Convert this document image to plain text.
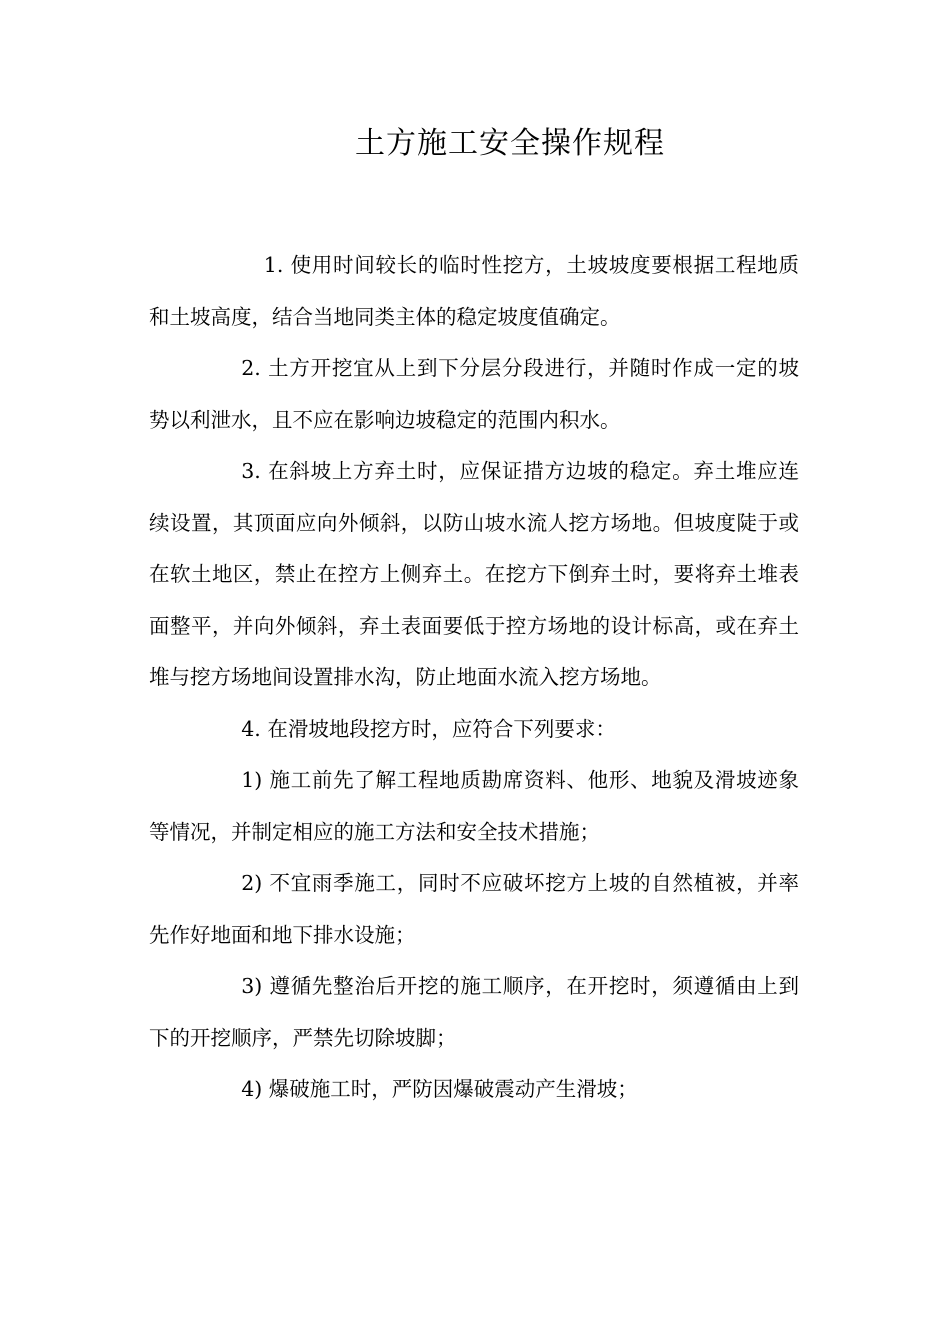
土方施工安全操作规程

1. 使用时间较长的临时性挖方，土坡坡度要根据工程地质和土坡高度，结合当地同类主体的稳定坡度值确定。

2. 土方开挖宜从上到下分层分段进行，并随时作成一定的坡势以利泄水，且不应在影响边坡稳定的范围内积水。

3. 在斜坡上方弃土时，应保证措方边坡的稳定。弃土堆应连续设置，其顶面应向外倾斜，以防山坡水流人挖方场地。但坡度陡于或在软土地区，禁止在控方上侧弃土。在挖方下倒弃土时，要将弃土堆表面整平，并向外倾斜，弃土表面要低于控方场地的设计标高，或在弃土堆与挖方场地间设置排水沟，防止地面水流入挖方场地。

4. 在滑坡地段挖方时，应符合下列要求：

1) 施工前先了解工程地质勘席资料、他形、地貌及滑坡迹象等情况，并制定相应的施工方法和安全技术措施；

2) 不宜雨季施工，同时不应破坏挖方上坡的自然植被，并率先作好地面和地下排水设施；

3) 遵循先整治后开挖的施工顺序，在开挖时，须遵循由上到下的开挖顺序，严禁先切除坡脚；

4) 爆破施工时，严防因爆破震动产生滑坡；
